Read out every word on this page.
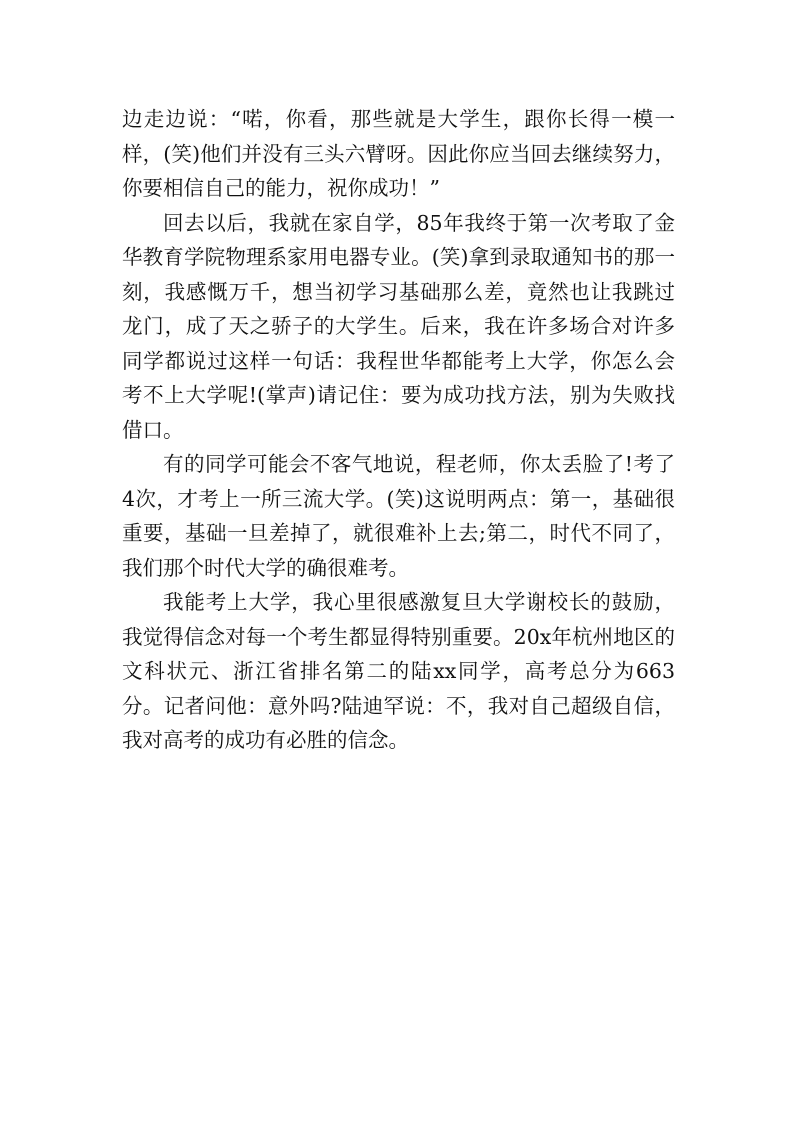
边走边说：“喏，你看，那些就是大学生，跟你长得一模一样，(笑)他们并没有三头六臂呀。因此你应当回去继续努力，你要相信自己的能力，祝你成功！”

回去以后，我就在家自学，85年我终于第一次考取了金华教育学院物理系家用电器专业。(笑)拿到录取通知书的那一刻，我感慨万千，想当初学习基础那么差，竟然也让我跳过龙门，成了天之骄子的大学生。后来，我在许多场合对许多同学都说过这样一句话：我程世华都能考上大学，你怎么会考不上大学呢!(掌声)请记住：要为成功找方法，别为失败找借口。

有的同学可能会不客气地说，程老师，你太丢脸了!考了4次，才考上一所三流大学。(笑)这说明两点：第一，基础很重要，基础一旦差掉了，就很难补上去;第二，时代不同了，我们那个时代大学的确很难考。

我能考上大学，我心里很感激复旦大学谢校长的鼓励，我觉得信念对每一个考生都显得特别重要。20x年杭州地区的文科状元、浙江省排名第二的陆xx同学，高考总分为663分。记者问他：意外吗?陆迪罕说：不，我对自己超级自信，我对高考的成功有必胜的信念。
